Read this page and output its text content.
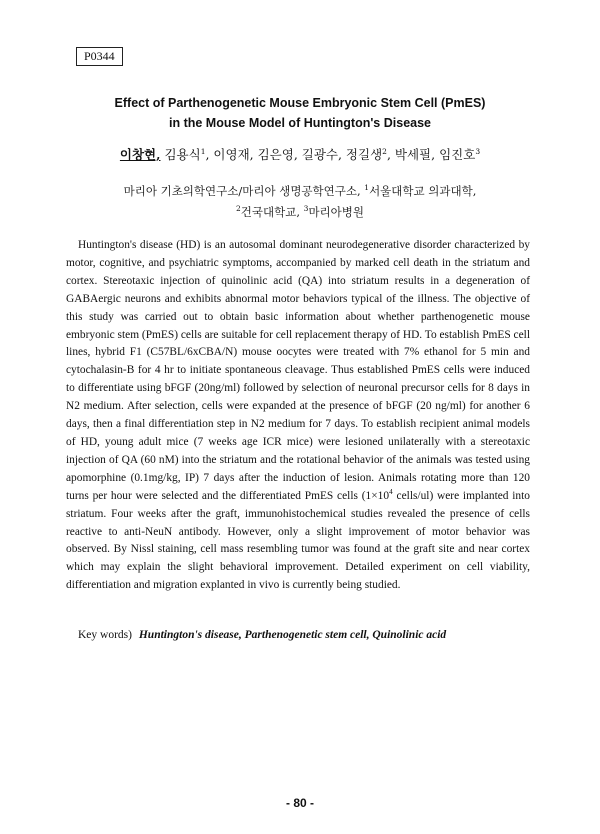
P0344
Effect of Parthenogenetic Mouse Embryonic Stem Cell (PmES)
in the Mouse Model of Huntington's Disease
이창현, 김용식$^1$, 이영재, 김은영, 길광수, 정길생$^2$, 박세필, 임진호$^3$
마리아 기초의학연구소/마리아 생명공학연구소, $^1$서울대학교 의과대학,
$^2$건국대학교, $^3$마리아병원

Huntington's disease (HD) is an autosomal dominant neurodegenerative disorder characterized by motor, cognitive, and psychiatric symptoms, accompanied by marked cell death in the striatum and cortex. Stereotaxic injection of quinolinic acid (QA) into striatum results in a degeneration of GABAergic neurons and exhibits abnormal motor behaviors typical of the illness. The objective of this study was carried out to obtain basic information about whether parthenogenetic mouse embryonic stem (PmES) cells are suitable for cell replacement therapy of HD. To establish PmES cell lines, hybrid F1 (C57BL/6xCBA/N) mouse oocytes were treated with 7% ethanol for 5 min and cytochalasin-B for 4 hr to initiate spontaneous cleavage. Thus established PmES cells were induced to differentiate using bFGF (20ng/ml) followed by selection of neuronal precursor cells for 8 days in N2 medium. After selection, cells were expanded at the presence of bFGF (20 ng/ml) for another 6 days, then a final differentiation step in N2 medium for 7 days. To establish recipient animal models of HD, young adult mice (7 weeks age ICR mice) were lesioned unilaterally with a stereotaxic injection of QA (60 nM) into the striatum and the rotational behavior of the animals was tested using apomorphine (0.1mg/kg, IP) 7 days after the induction of lesion. Animals rotating more than 120 turns per hour were selected and the differentiated PmES cells ($1\times 10^4$ cells/ul) were implanted into striatum. Four weeks after the graft, immunohistochemical studies revealed the presence of cells reactive to anti-NeuN antibody. However, only a slight improvement of motor behavior was observed. By Nissl staining, cell mass resembling tumor was found at the graft site and near cortex which may explain the slight behavioral improvement. Detailed experiment on cell viability, differentiation and migration explanted in vivo is currently being studied.

Key words) Huntington's disease, Parthenogenetic stem cell, Quinolinic acid
- 80 -
